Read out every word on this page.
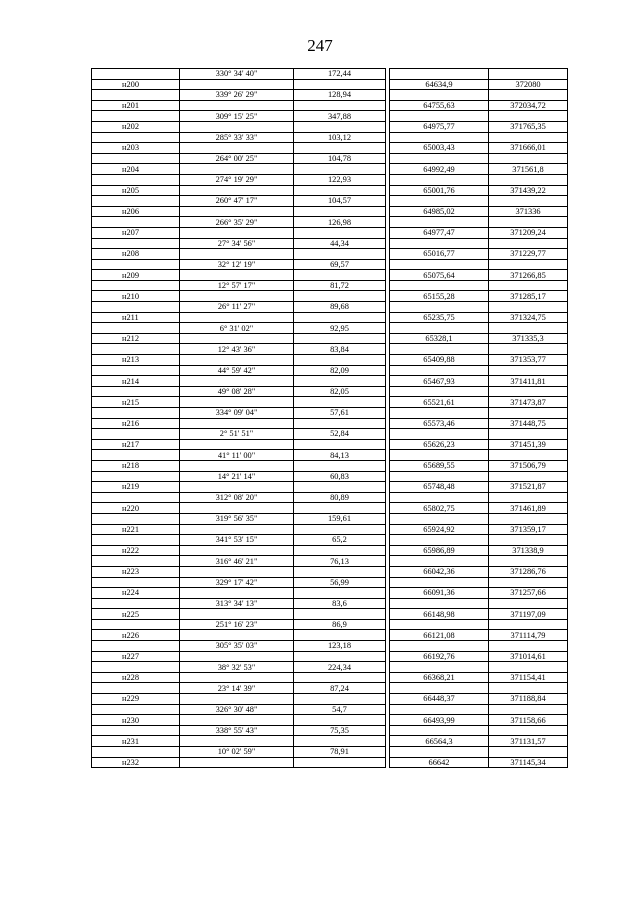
247
	330° 34' 40"	172,44			
н200				64634,9	372080
	339° 26' 29"	128,94			
н201				64755,63	372034,72
	309° 15' 25"	347,88			
н202				64975,77	371765,35
	285° 33' 33"	103,12			
н203				65003,43	371666,01
	264° 00' 25"	104,78			
н204				64992,49	371561,8
	274° 19' 29"	122,93			
н205				65001,76	371439,22
	260° 47' 17"	104,57			
н206				64985,02	371336
	266° 35' 29"	126,98			
н207				64977,47	371209,24
	27° 34' 56"	44,34			
н208				65016,77	371229,77
	32° 12' 19"	69,57			
н209				65075,64	371266,85
	12° 57' 17"	81,72			
н210				65155,28	371285,17
	26° 11' 27"	89,68			
н211				65235,75	371324,75
	6° 31' 02"	92,95			
н212				65328,1	371335,3
	12° 43' 36"	83,84			
н213				65409,88	371353,77
	44° 59' 42"	82,09			
н214				65467,93	371411,81
	49° 08' 28"	82,05			
н215				65521,61	371473,87
	334° 09' 04"	57,61			
н216				65573,46	371448,75
	2° 51' 51"	52,84			
н217				65626,23	371451,39
	41° 11' 00"	84,13			
н218				65689,55	371506,79
	14° 21' 14"	60,83			
н219				65748,48	371521,87
	312° 08' 20"	80,89			
н220				65802,75	371461,89
	319° 56' 35"	159,61			
н221				65924,92	371359,17
	341° 53' 15"	65,2			
н222				65986,89	371338,9
	316° 46' 21"	76,13			
н223				66042,36	371286,76
	329° 17' 42"	56,99			
н224				66091,36	371257,66
	313° 34' 13"	83,6			
н225				66148,98	371197,09
	251° 16' 23"	86,9			
н226				66121,08	371114,79
	305° 35' 03"	123,18			
н227				66192,76	371014,61
	38° 32' 53"	224,34			
н228				66368,21	371154,41
	23° 14' 39"	87,24			
н229				66448,37	371188,84
	326° 30' 48"	54,7			
н230				66493,99	371158,66
	338° 55' 43"	75,35			
н231				66564,3	371131,57
	10° 02' 59"	78,91			
н232				66642	371145,34
